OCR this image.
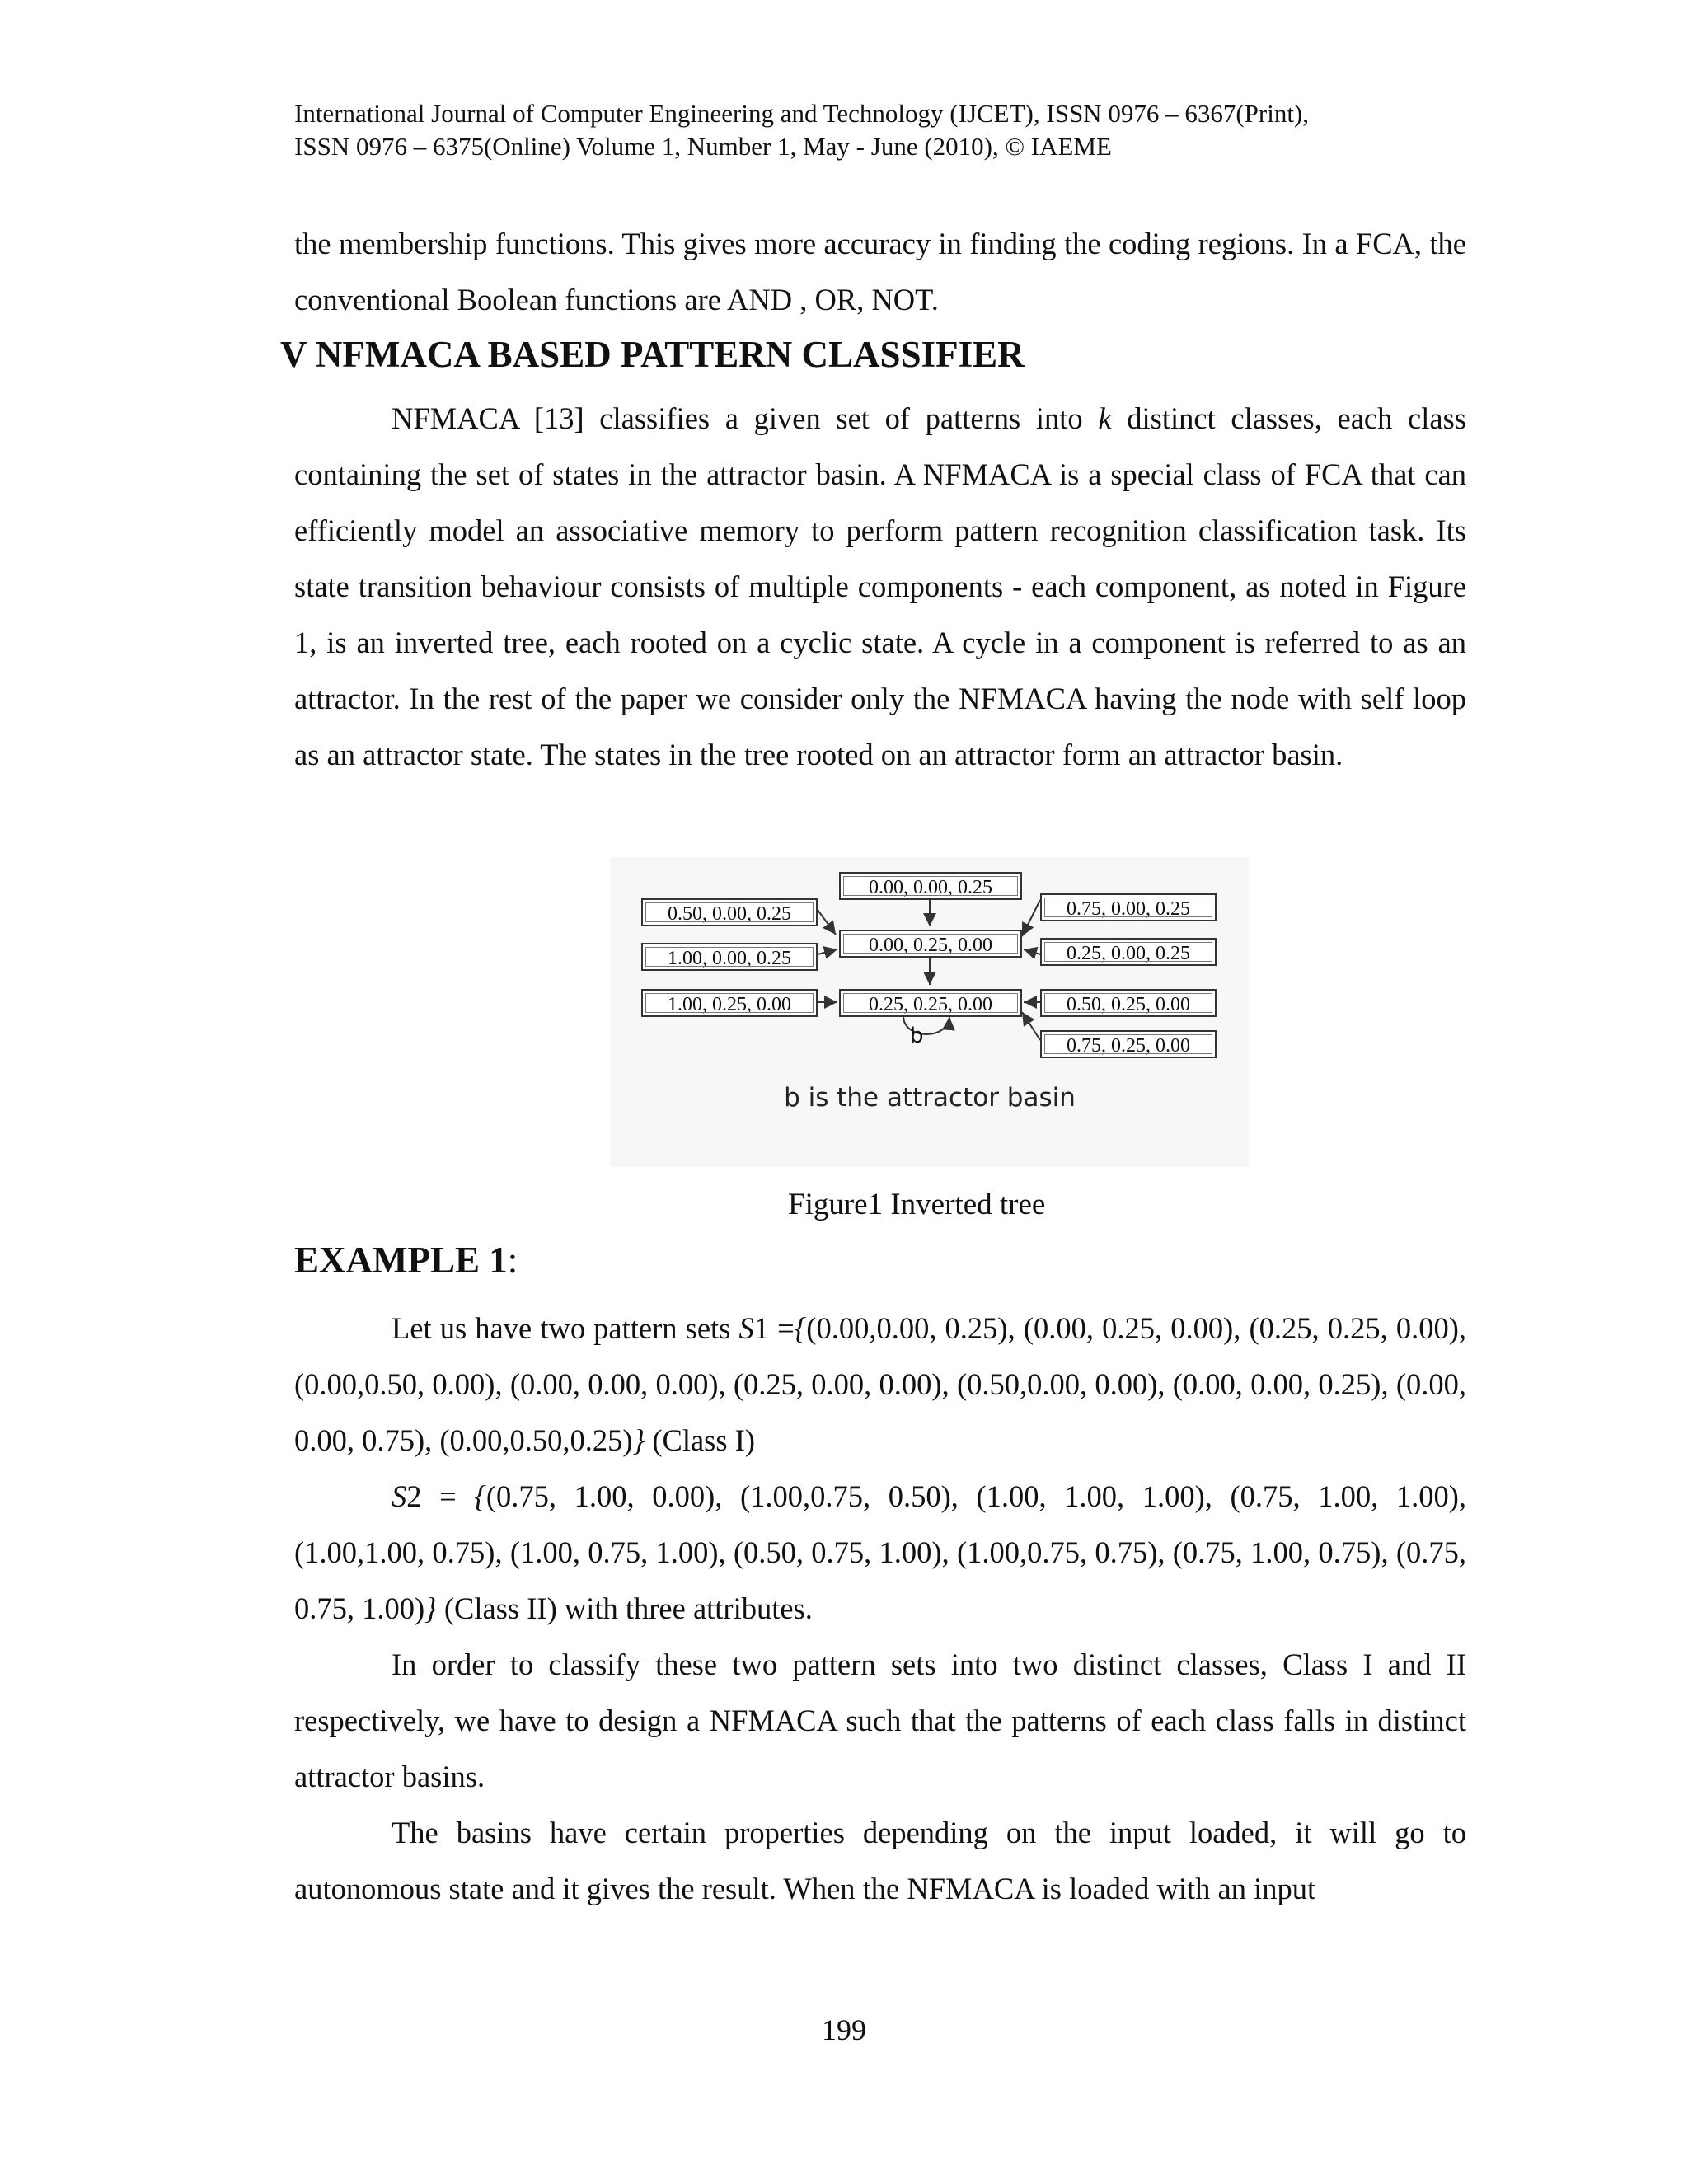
International Journal of Computer Engineering and Technology (IJCET), ISSN 0976 – 6367(Print),
ISSN 0976 – 6375(Online) Volume 1, Number 1, May - June (2010), © IAEME
the membership functions. This gives more accuracy in finding the coding regions. In a FCA, the conventional Boolean functions are AND , OR, NOT.
V NFMACA BASED PATTERN CLASSIFIER
NFMACA [13] classifies a given set of patterns into k distinct classes, each class containing the set of states in the attractor basin. A NFMACA is a special class of FCA that can efficiently model an associative memory to perform pattern recognition classification task. Its state transition behaviour consists of multiple components - each component, as noted in Figure 1, is an inverted tree, each rooted on a cyclic state. A cycle in a component is referred to as an attractor. In the rest of the paper we consider only the NFMACA having the node with self loop as an attractor state. The states in the tree rooted on an attractor form an attractor basin.
0.00, 0.00, 0.25
0.00, 0.25, 0.00
0.25, 0.25, 0.00
0.50, 0.00, 0.25
1.00, 0.00, 0.25
1.00, 0.25, 0.00
0.75, 0.00, 0.25
0.25, 0.00, 0.25
0.50, 0.25, 0.00
0.75, 0.25, 0.00
b
b is the attractor basin
Figure1 Inverted tree
EXAMPLE 1:
Let us have two pattern sets S1 ={(0.00,0.00, 0.25), (0.00, 0.25, 0.00), (0.25, 0.25, 0.00), (0.00,0.50, 0.00), (0.00, 0.00, 0.00), (0.25, 0.00, 0.00), (0.50,0.00, 0.00), (0.00, 0.00, 0.25), (0.00, 0.00, 0.75), (0.00,0.50,0.25)} (Class I)
S2 = {(0.75, 1.00, 0.00), (1.00,0.75, 0.50), (1.00, 1.00, 1.00), (0.75, 1.00, 1.00),(1.00,1.00, 0.75), (1.00, 0.75, 1.00), (0.50, 0.75, 1.00), (1.00,0.75, 0.75), (0.75, 1.00, 0.75), (0.75, 0.75, 1.00)} (Class II) with three attributes.
In order to classify these two pattern sets into two distinct classes, Class I and II respectively, we have to design a NFMACA such that the patterns of each class falls in distinct attractor basins.
The basins have certain properties depending on the input loaded, it will go to autonomous state and it gives the result. When the NFMACA is loaded with an input
199
